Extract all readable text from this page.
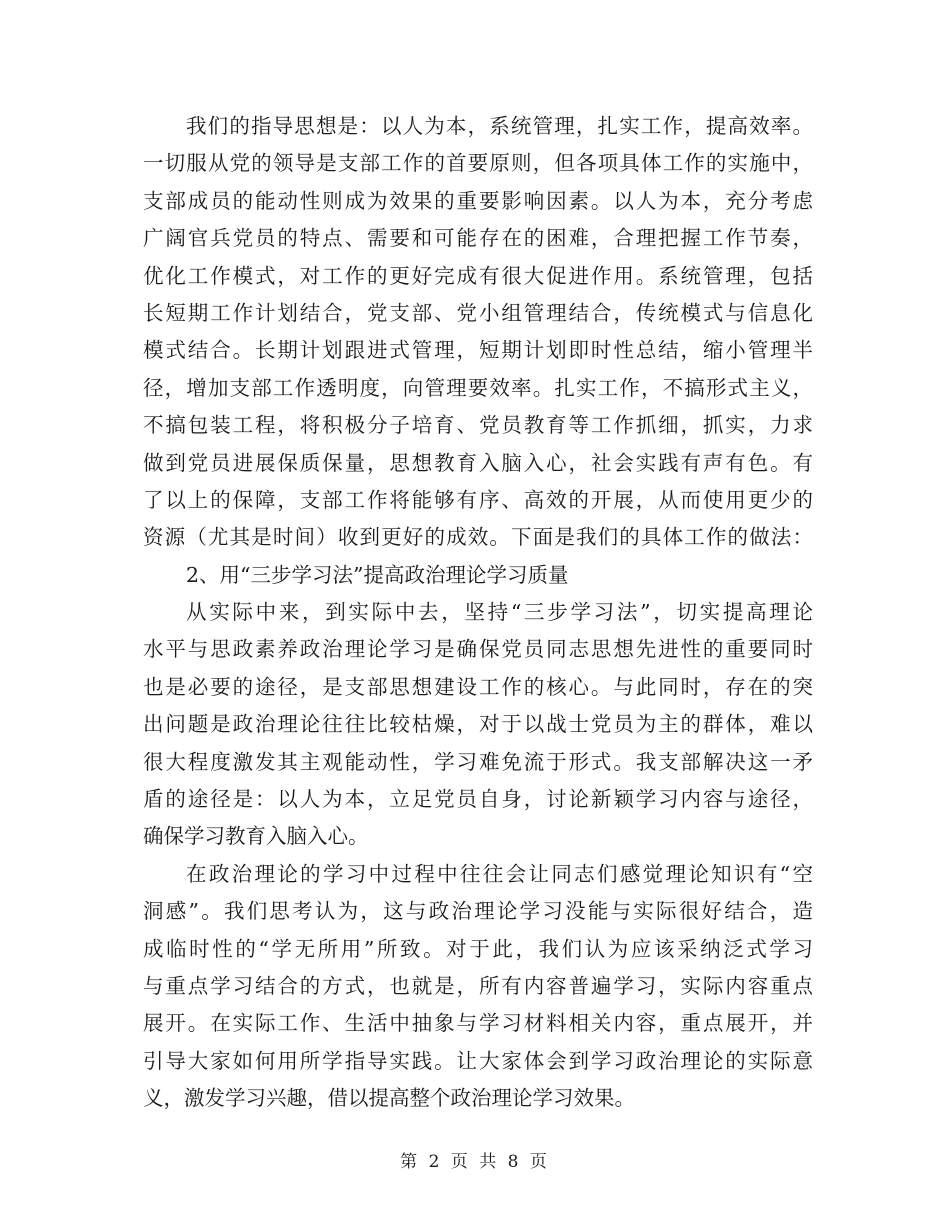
我们的指导思想是：以人为本，系统管理，扎实工作，提高效率。
一切服从党的领导是支部工作的首要原则，但各项具体工作的实施中，
支部成员的能动性则成为效果的重要影响因素。以人为本，充分考虑
广阔官兵党员的特点、需要和可能存在的困难，合理把握工作节奏，
优化工作模式，对工作的更好完成有很大促进作用。系统管理，包括
长短期工作计划结合，党支部、党小组管理结合，传统模式与信息化
模式结合。长期计划跟进式管理，短期计划即时性总结，缩小管理半
径，增加支部工作透明度，向管理要效率。扎实工作，不搞形式主义，
不搞包装工程，将积极分子培育、党员教育等工作抓细，抓实，力求
做到党员进展保质保量，思想教育入脑入心，社会实践有声有色。有
了以上的保障，支部工作将能够有序、高效的开展，从而使用更少的
资源（尤其是时间）收到更好的成效。下面是我们的具体工作的做法：
2、用“三步学习法”提高政治理论学习质量
从实际中来，到实际中去，坚持“三步学习法”，切实提高理论
水平与思政素养政治理论学习是确保党员同志思想先进性的重要同时
也是必要的途径，是支部思想建设工作的核心。与此同时，存在的突
出问题是政治理论往往比较枯燥，对于以战士党员为主的群体，难以
很大程度激发其主观能动性，学习难免流于形式。我支部解决这一矛
盾的途径是：以人为本，立足党员自身，讨论新颖学习内容与途径，
确保学习教育入脑入心。
在政治理论的学习中过程中往往会让同志们感觉理论知识有“空
洞感”。我们思考认为，这与政治理论学习没能与实际很好结合，造
成临时性的“学无所用”所致。对于此，我们认为应该采纳泛式学习
与重点学习结合的方式，也就是，所有内容普遍学习，实际内容重点
展开。在实际工作、生活中抽象与学习材料相关内容，重点展开，并
引导大家如何用所学指导实践。让大家体会到学习政治理论的实际意
义，激发学习兴趣，借以提高整个政治理论学习效果。
第 2 页 共 8 页
